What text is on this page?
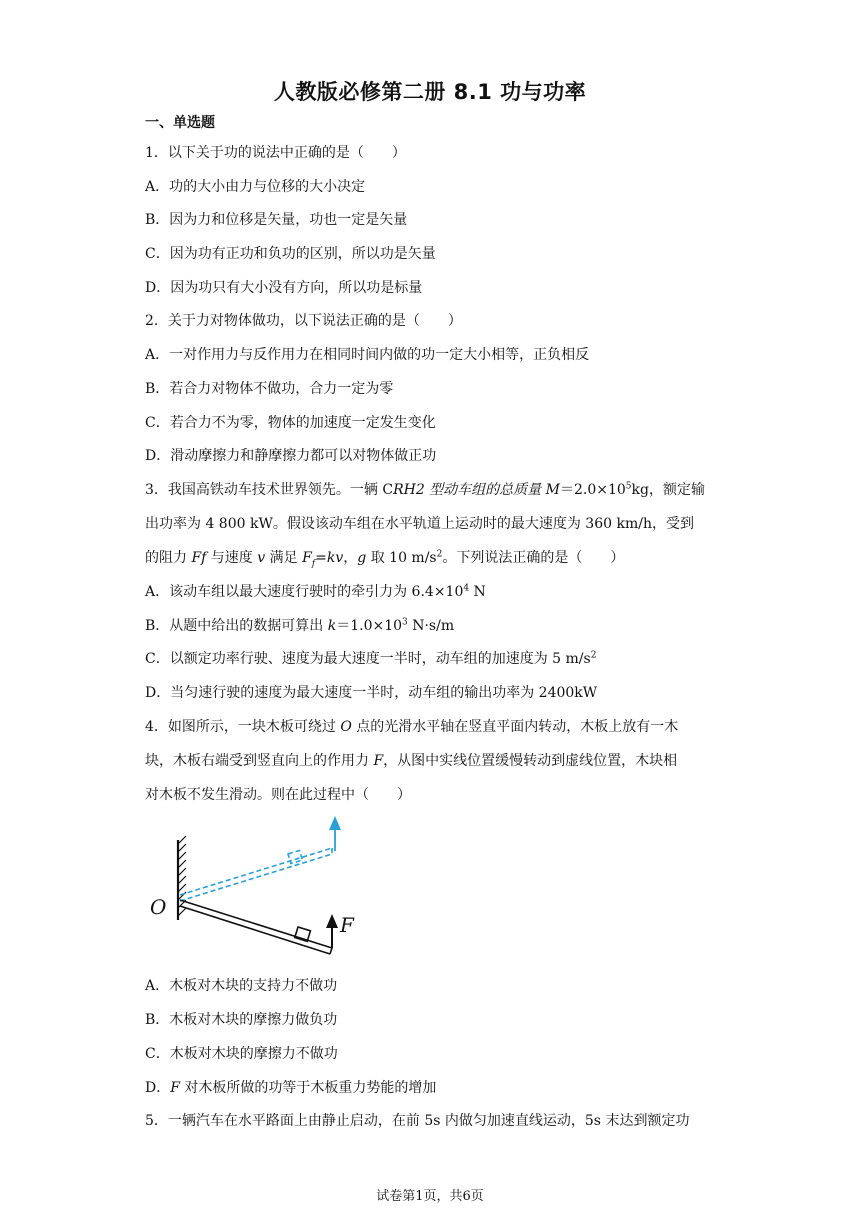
人教版必修第二册 8.1 功与功率
一、单选题
1．以下关于功的说法中正确的是（　　）
A．功的大小由力与位移的大小决定
B．因为力和位移是矢量，功也一定是矢量
C．因为功有正功和负功的区别，所以功是矢量
D．因为功只有大小没有方向，所以功是标量
2．关于力对物体做功，以下说法正确的是（　　）
A．一对作用力与反作用力在相同时间内做的功一定大小相等，正负相反
B．若合力对物体不做功，合力一定为零
C．若合力不为零，物体的加速度一定发生变化
D．滑动摩擦力和静摩擦力都可以对物体做正功
3．我国高铁动车技术世界领先。一辆 CRH2 型动车组的总质量 $M=2.0\times 10^5kg$，额定输
出功率为 4 800 kW。假设该动车组在水平轨道上运动时的最大速度为 360 km/h，受到
的阻力 Ff 与速度 v 满足 $F_f=kv$，g 取 10 $m/s^2$。下列说法正确的是（　　）
A．该动车组以最大速度行驶时的牵引力为 $6.4\times 10^4$ N
B．从题中给出的数据可算出 $k=1.0\times 10^3$ N·s/m
C．以额定功率行驶、速度为最大速度一半时，动车组的加速度为 5 $m/s^2$
D．当匀速行驶的速度为最大速度一半时，动车组的输出功率为 2400kW
4．如图所示，一块木板可绕过 O 点的光滑水平轴在竖直平面内转动，木板上放有一木
块，木板右端受到竖直向上的作用力 F，从图中实线位置缓慢转动到虚线位置，木块相
对木板不发生滑动。则在此过程中（　　）
F
O
A．木板对木块的支持力不做功
B．木板对木块的摩擦力做负功
C．木板对木块的摩擦力不做功
D．F 对木板所做的功等于木板重力势能的增加
5．一辆汽车在水平路面上由静止启动，在前 5s 内做匀加速直线运动，5s 末达到额定功
试卷第1页，共6页
